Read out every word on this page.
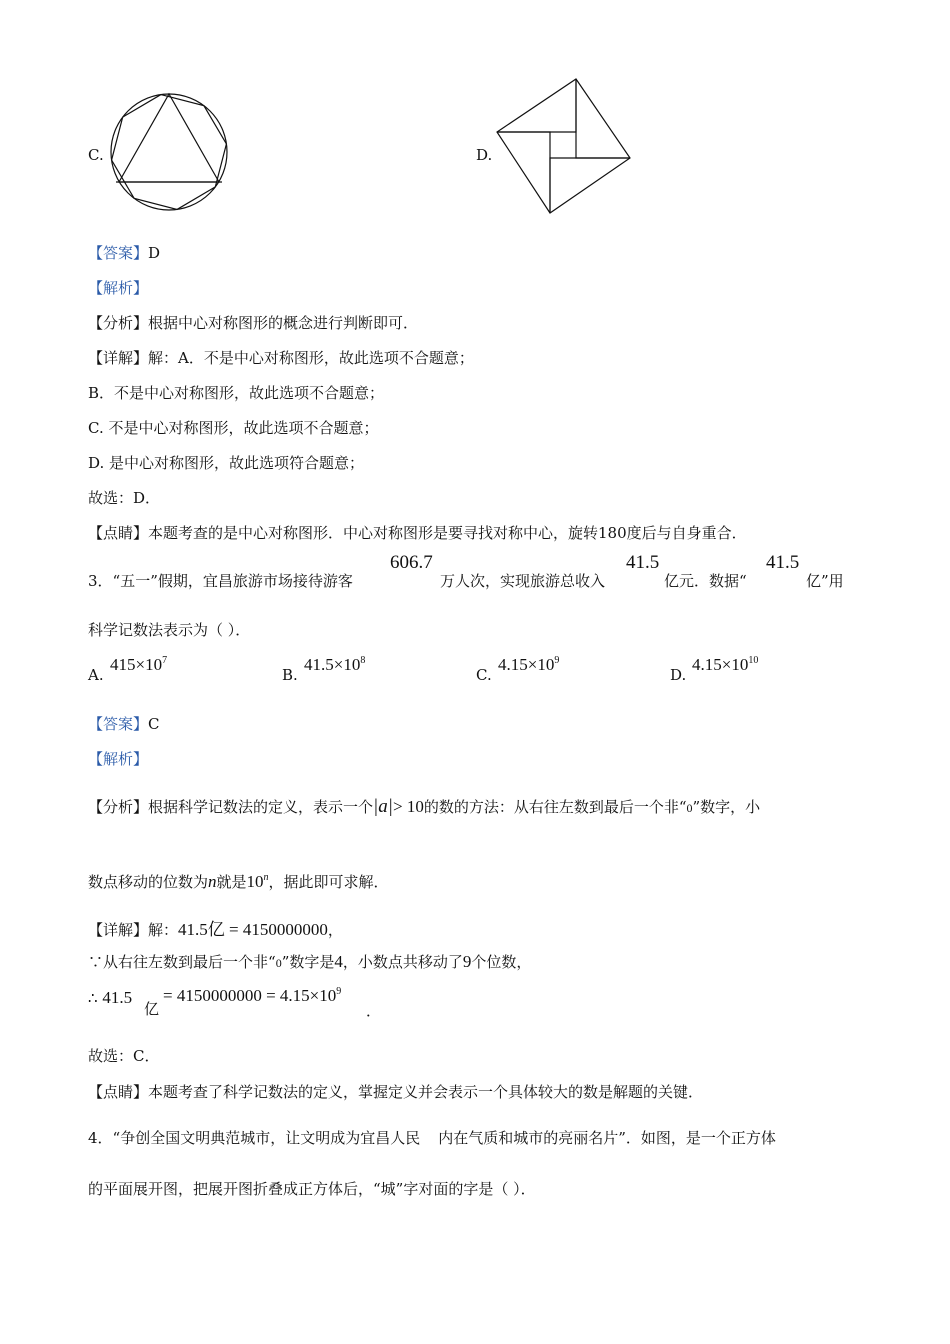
C.	D.
【答案】D
【解析】
【分析】根据中心对称图形的概念进行判断即可．
【详解】解：A．不是中心对称图形，故此选项不合题意；
B．不是中心对称图形，故此选项不合题意；
C. 不是中心对称图形，故此选项不合题意；
D. 是中心对称图形，故此选项符合题意；
故选：D．
【点睛】本题考查的是中心对称图形．中心对称图形是要寻找对称中心，旋转180度后与自身重合．
3．“五一”假期，宜昌旅游市场接待游客
606.7
万人次，实现旅游总收入
41.5
亿元．数据“
41.5
亿”用
科学记数法表示为（ ）．
A.
$415\times 10^7$
B.
$41.5\times 10^8$
C.
$4.15\times 10^9$
D.
$4.15\times 10^{10}$
【答案】C
【解析】
【分析】根据科学记数法的定义，表示一个|a|> 10的数的方法：从右往左数到最后一个非“0”数字，小
数点移动的位数为n就是10$^n$，据此即可求解．
【详解】解：41.5亿 = 4150000000，
∵从右往左数到最后一个非“0”数字是4，小数点共移动了9个位数，
∴ 41.5
亿
= $4150000000 = 4.15\times 10^9$
．
故选：C．
【点睛】本题考查了科学记数法的定义，掌握定义并会表示一个具体较大的数是解题的关键．
4．“争创全国文明典范城市，让文明成为宜昌人民 内在气质和城市的亮丽名片”．如图，是一个正方体
的平面展开图，把展开图折叠成正方体后，“城”字对面的字是（ ）．
